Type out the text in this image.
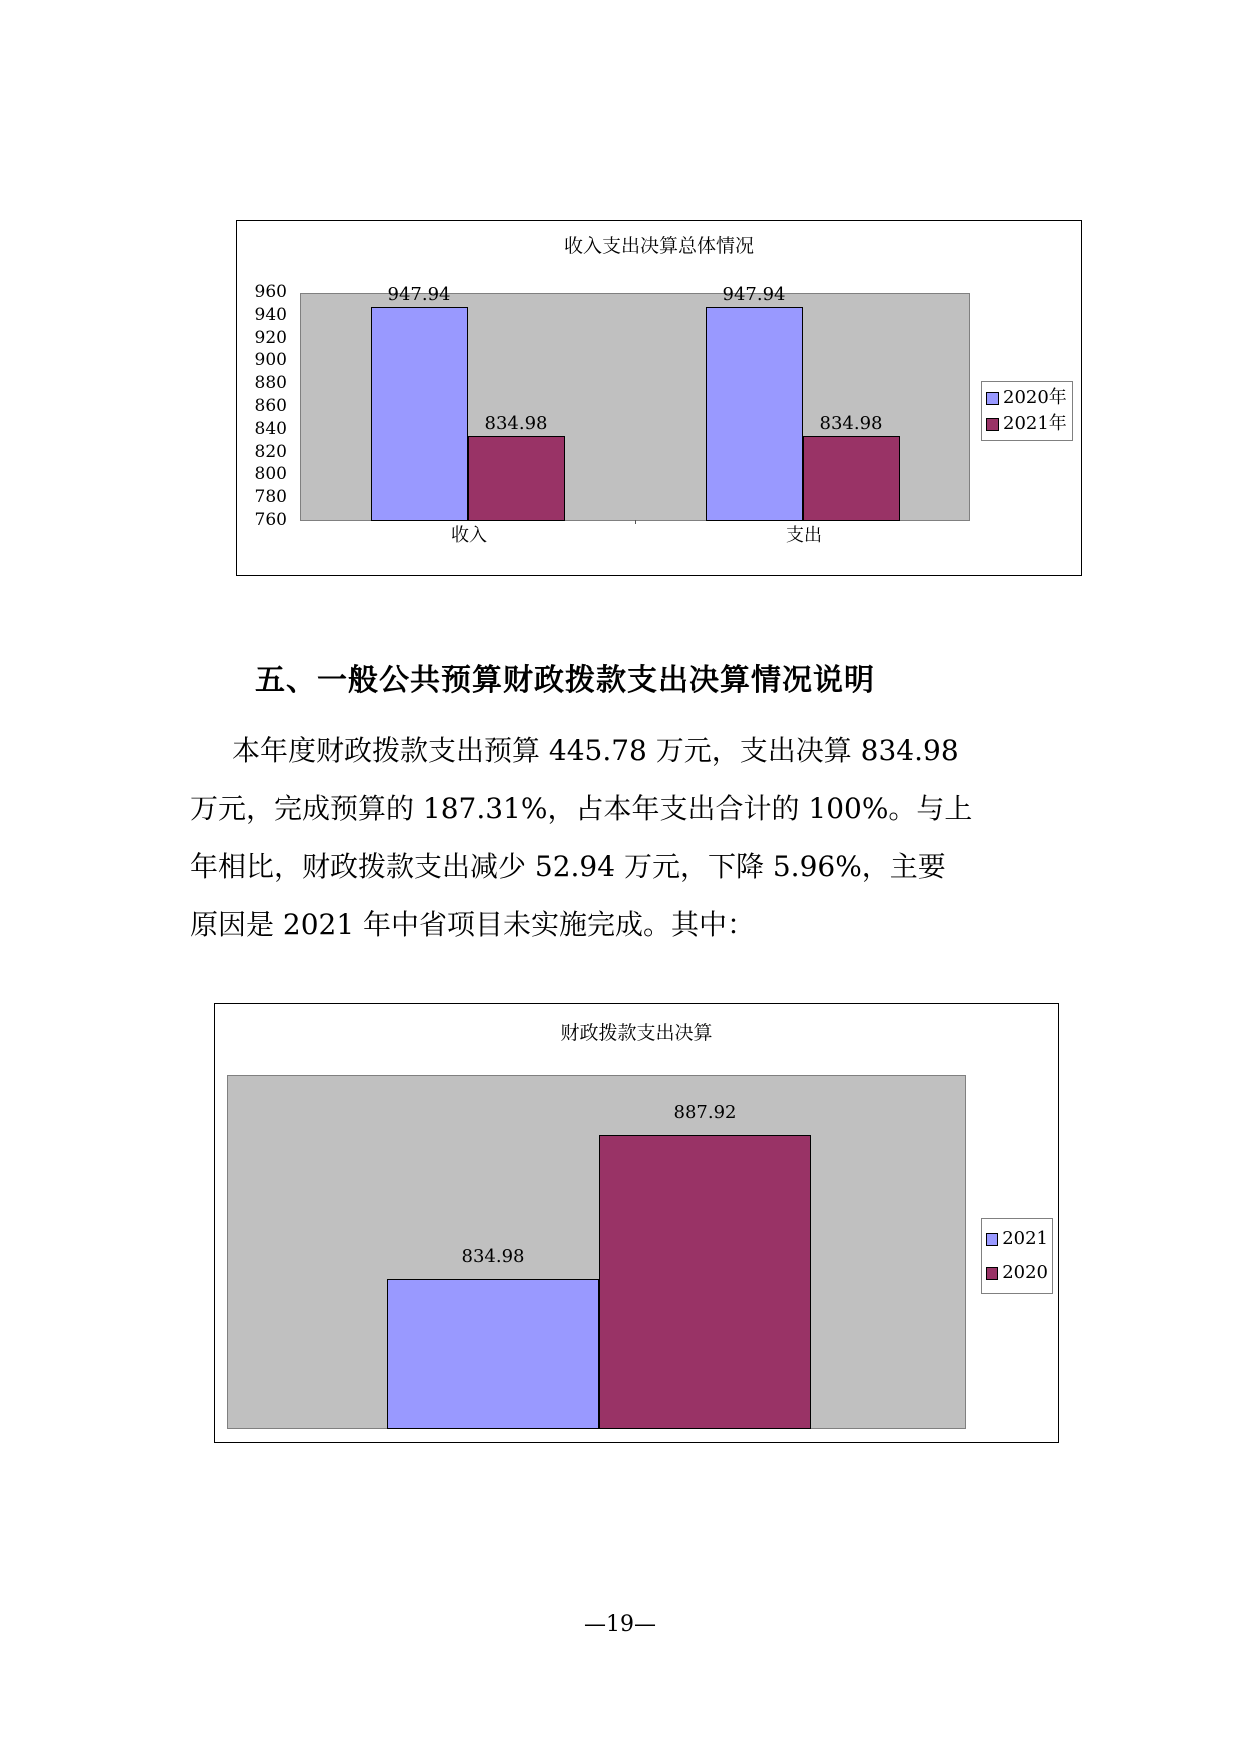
收入支出决算总体情况
960
940
920
900
880
860
840
820
800
780
760
947.94
834.98
947.94
834.98
收入	支出
2020年
2021年
五、一般公共预算财政拨款支出决算情况说明
本年度财政拨款支出预算 445.78 万元，支出决算 834.98
万元，完成预算的 187.31%，占本年支出合计的 100%。与上
年相比，财政拨款支出减少 52.94 万元，下降 5.96%，主要
原因是 2021 年中省项目未实施完成。其中：
财政拨款支出决算
834.98
887.92
2021
2020
—19—
